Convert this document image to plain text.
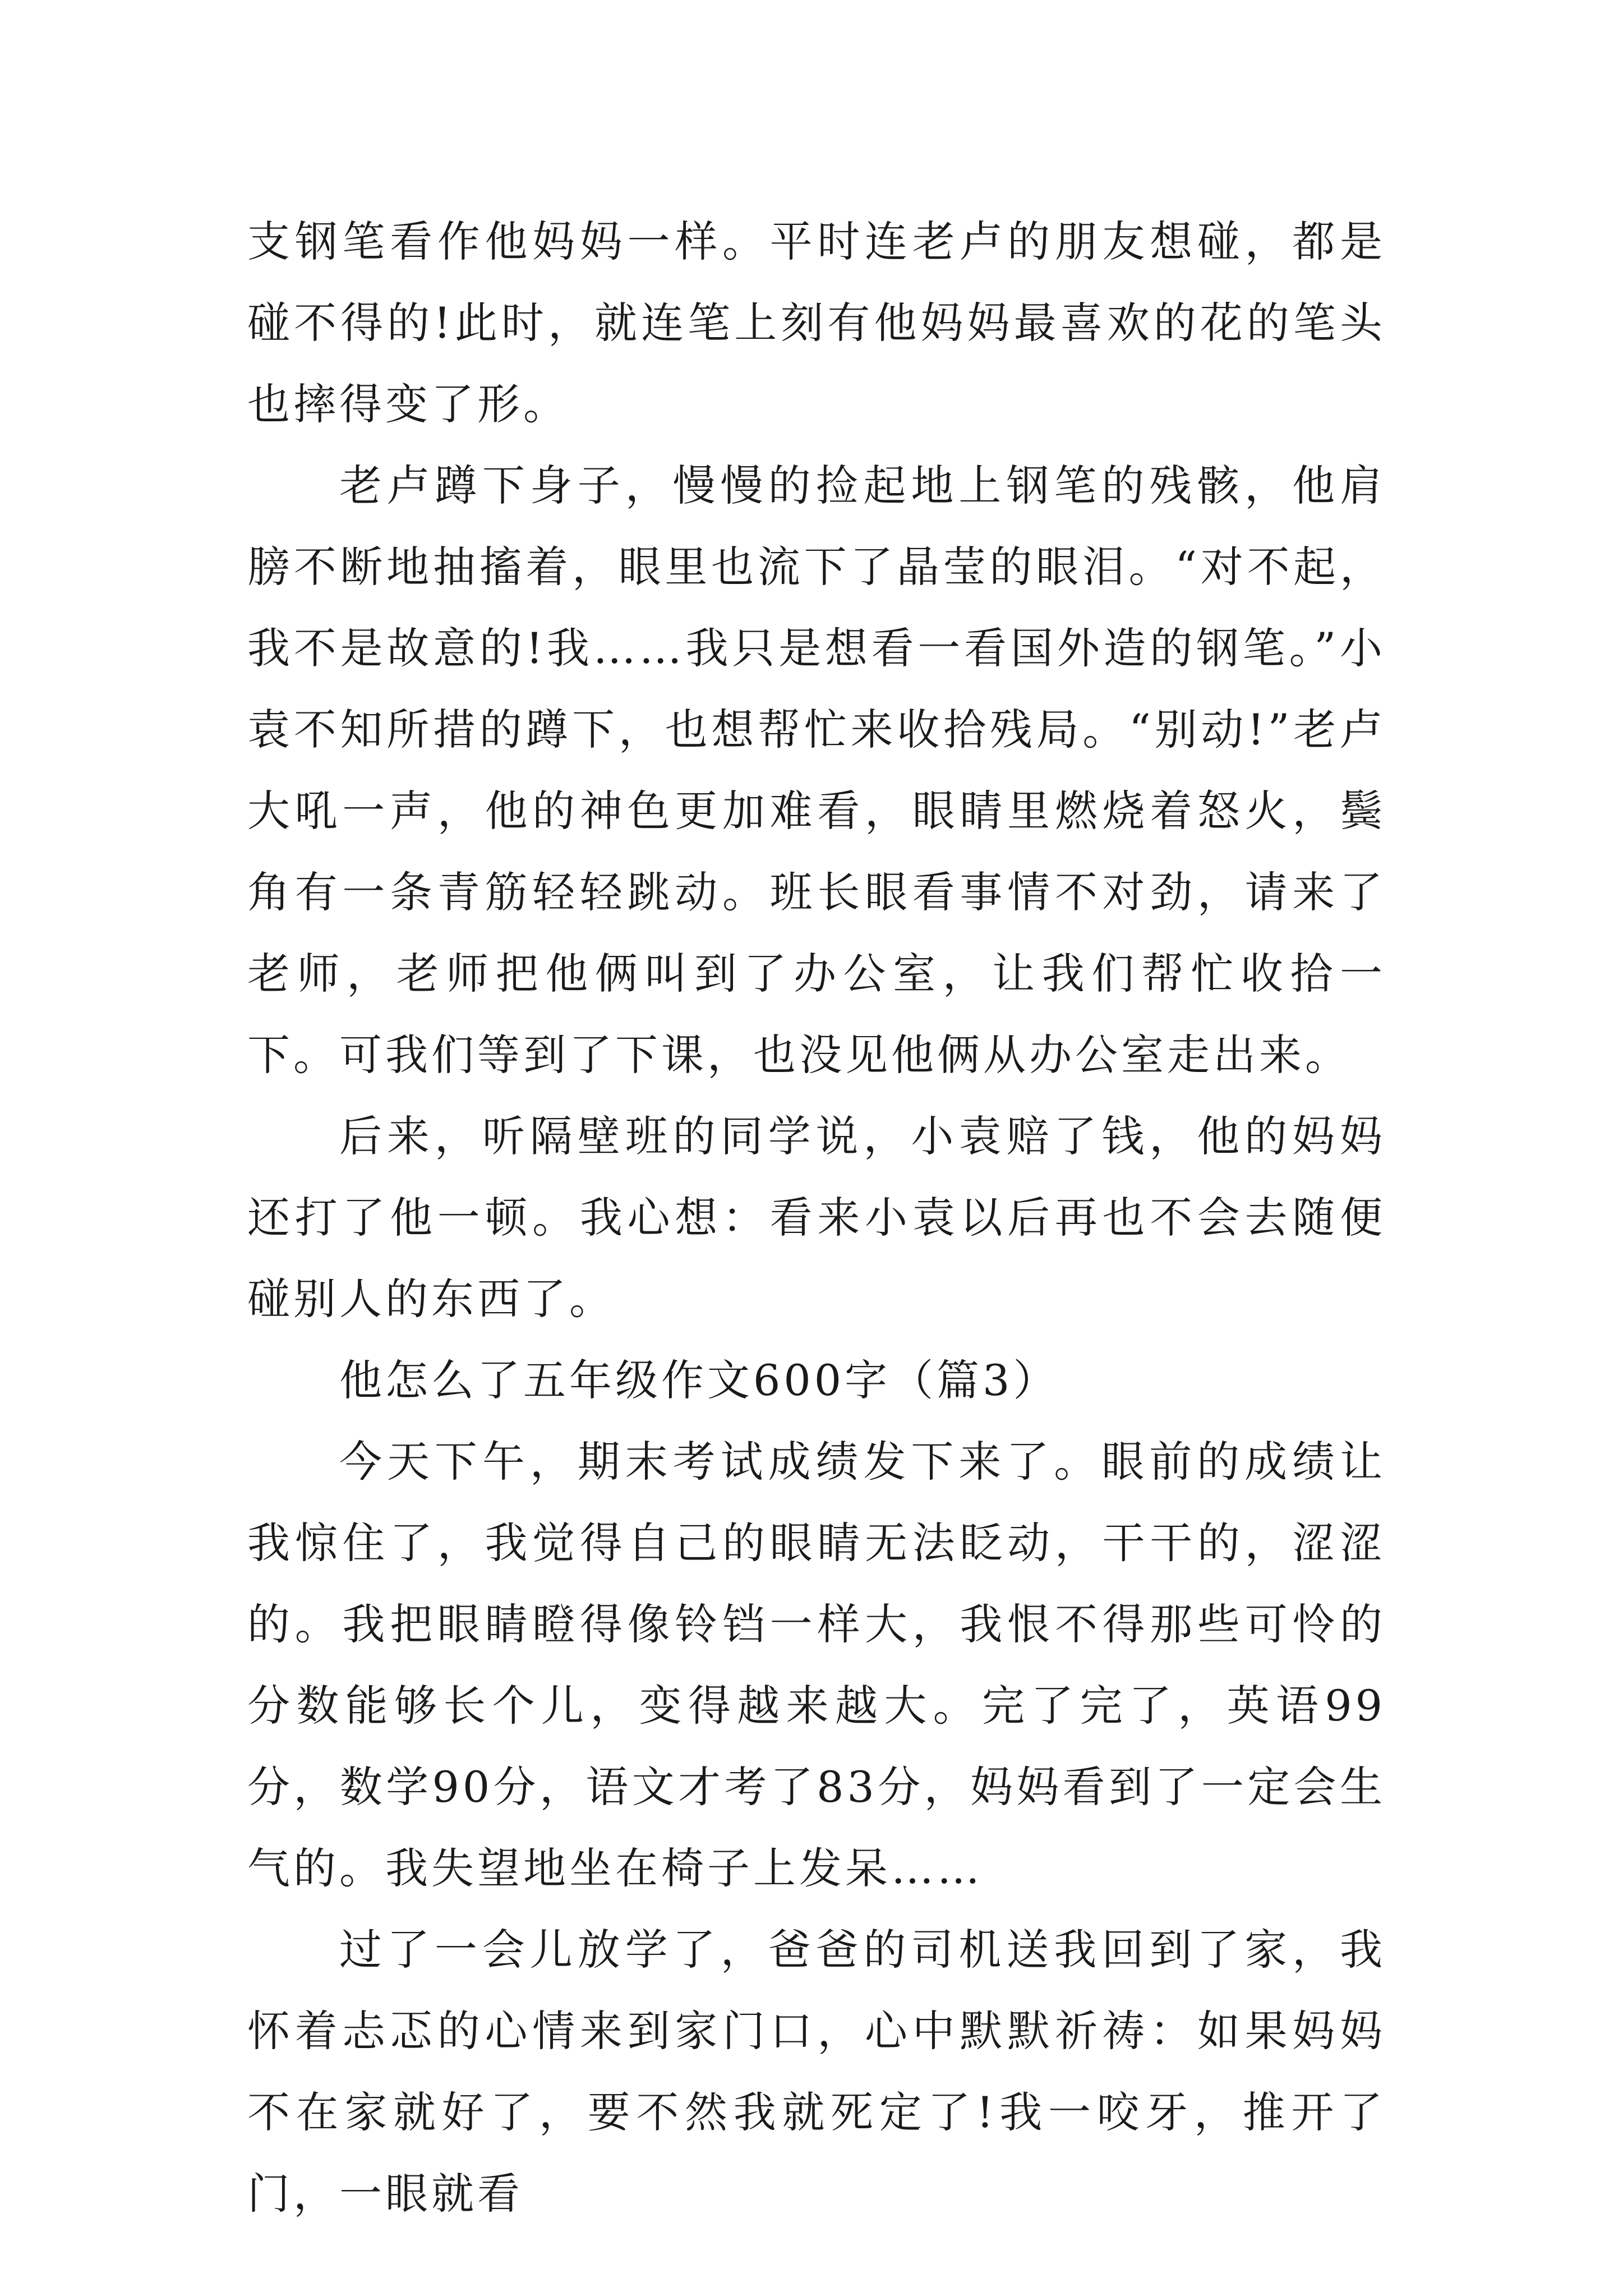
支钢笔看作他妈妈一样。平时连老卢的朋友想碰，都是碰不得的!此时，就连笔上刻有他妈妈最喜欢的花的笔头也摔得变了形。

老卢蹲下身子，慢慢的捡起地上钢笔的残骸，他肩膀不断地抽搐着，眼里也流下了晶莹的眼泪。“对不起，我不是故意的!我……我只是想看一看国外造的钢笔。”小袁不知所措的蹲下，也想帮忙来收拾残局。“别动!”老卢大吼一声，他的神色更加难看，眼睛里燃烧着怒火，鬓角有一条青筋轻轻跳动。班长眼看事情不对劲，请来了老师，老师把他俩叫到了办公室，让我们帮忙收拾一下。可我们等到了下课，也没见他俩从办公室走出来。

后来，听隔壁班的同学说，小袁赔了钱，他的妈妈还打了他一顿。我心想：看来小袁以后再也不会去随便碰别人的东西了。

他怎么了五年级作文600字（篇3）

今天下午，期末考试成绩发下来了。眼前的成绩让我惊住了，我觉得自己的眼睛无法眨动，干干的，涩涩的。我把眼睛瞪得像铃铛一样大，我恨不得那些可怜的分数能够长个儿，变得越来越大。完了完了，英语99分，数学90分，语文才考了83分，妈妈看到了一定会生气的。我失望地坐在椅子上发呆……

过了一会儿放学了，爸爸的司机送我回到了家，我怀着忐忑的心情来到家门口，心中默默祈祷：如果妈妈不在家就好了，要不然我就死定了!我一咬牙，推开了门，一眼就看
